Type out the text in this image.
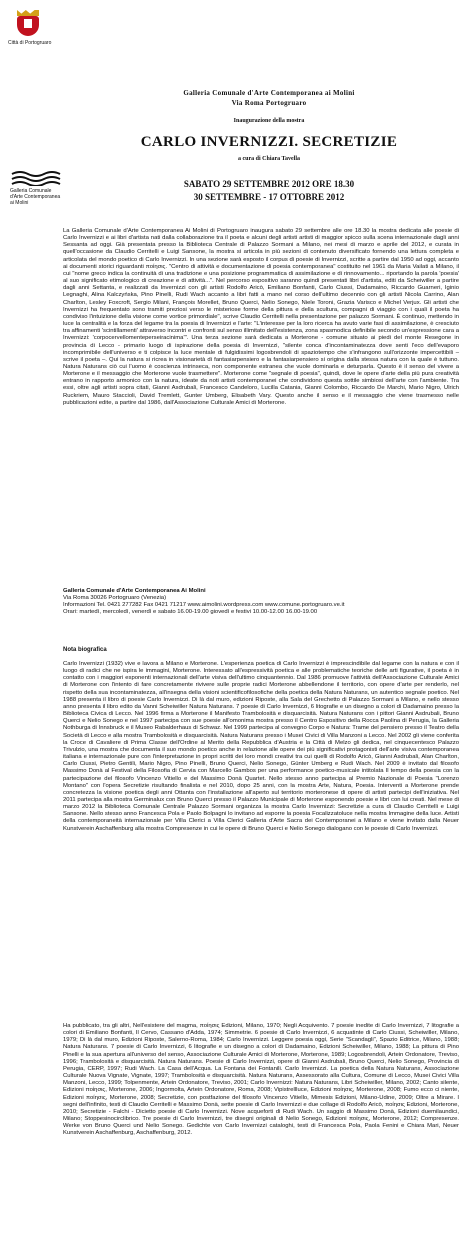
Città di Portogruaro
Galleria Comunale
d'Arte Contemporanea
ai Molini
Galleria Comunale d'Arte Contemporanea ai Molini
Via Roma Portogruaro
Inaugurazione della mostra
CARLO INVERNIZZI. SECRETIZIE
a cura di Chiara Tavella
SABATO 29 SETTEMBRE 2012 ORE 18.30
30 SETTEMBRE - 17 OTTOBRE 2012

La Galleria Comunale d'Arte Contemporanea Ai Molini di Portogruaro inaugura sabato 29 settembre alle ore 18.30 la mostra dedicata alle poesie di Carlo Invernizzi e ai libri d'artista nati dalla collaborazione tra il poeta e alcuni degli artisti artisti di maggior spicco sulla scena internazionale dagli anni Sessanta ad oggi. Già presentata presso la Biblioteca Centrale di Palazzo Sormani a Milano, nei mesi di marzo e aprile del 2012, e curata in quell'occasione da Claudio Cerritelli e Luigi Sansone, la mostra si articola in più sezioni di contenuto diversificato fornendo una lettura completa e articolata del mondo poetico di Carlo Invernizzi. In una sezione sarà esposto il corpus di poesie di Invernizzi, scritte a partire dal 1950 ad oggi, accanto ai documenti storici riguardanti ποίησις. "Centro di attività e documentazione di poesia contemporanea" costituito nel 1961 da Maria Vailati a Milano, il cui "nome greco indica la continuità di una tradizione e una posizione programmatica di assimilazione e di rinnovamento... riportando la parola 'poesia' al suo significato etimologico di creazione e di attività...". Nel percorso espositivo saranno quindi presentati libri d'artista, editi da Scheiwiller a partire dagli anni Settanta, e realizzati da Invernizzi con gli artisti Rodolfo Aricò, Emiliano Bonfanti, Carlo Ciussi, Dadamaino, Riccardo Guarneri, Iginio Legnaghi, Alina Kalczyńska, Pino Pinelli, Rudi Wach accanto a libri fatti a mano nel corso dell'ultimo decennio con gli artisti Nicola Carrino, Alan Charlton, Lesley Foxcroft, Sergio Milani, François Morellet, Bruno Querci, Nelio Sonego, Niele Toroni, Grazia Varisco e Michel Verjux. Gli artisti che Invernizzi ha frequentato sono tramiti preziosi verso le misteriose forme della pittura e della scultura, compagni di viaggio con i quali il poeta ha condiviso l'intuizione della visione come vortice primordiale", scrive Claudio Cerritelli nella presentazione per palazzo Sormani. È continuo, mettendo in luce la centralità e la forza del legame tra la poesia di Invernizzi e l'arte: "L'interesse per la loro ricerca ha avuto varie fasi di assimilazione, è cresciuto tra affinamenti 'scintillamenti' attraverso incontri e confronti sul senso illimitato dell'esistenza, zona spasmodica definibile secondo un'espressione cara a Invernizzi: 'corpocervellomenteperseiracinima'". Una terza sezione sarà dedicata a Morterone - comune situato ai piedi del monte Resegone in provincia di Lecco - primario luogo di ispirazione della poesia di Invernizzi, "silente conca d'incontaminatezza dove senti l'eco dell'evaporo incomprimibile dell'universo e ti colpisce la luce mentale di fulgidissimi logosbrendoli di spaziotempo che s'infrangono sull'orizzonte impercettibili – scrive il poeta –. Qui la natura si ricrea in visionarietà di fantasiarpensiero e la fantasiarpensiero si origina dalla stessa natura con la quale è tuttuno. Natura Naturans ciò cui l'uomo è coscienza intrinseca, non componente estranea che vuole dominarla e deturparla. Questo è il senso del vivere a Morterone e il messaggio che Morterone vuole trasmettere". Morterone come "segnale di poesia", quindi, dove le opere d'arte della più pura creatività entrano in rapporto armonico con la natura, ideate da noti artisti contemporanei che condividono questa sottile simbiosi dell'arte con l'ambiente. Tra essi, oltre agli artisti sopra citati, Gianni Asdrubali, Francesco Candeloro, Lucilla Catania, Gianni Colombo, Riccardo De Marchi, Mario Nigro, Ulrich Ruckriem, Mauro Staccioli, David Tremlett, Gunter Umberg, Elisabeth Vary. Questo anche il senso e il messaggio che viene trasmesso nelle pubblicazioni edite, a partire dal 1986, dall'Associazione Culturale Amici di Morterone.

Galleria Comunale d'Arte Contemporanea Ai Molini

Via Roma 30026 Portogruaro (Venezia)

Informazioni Tel. 0421 277282 Fax 0421 71217 www.aimolini.wordpress.com www.comune.portogruaro.ve.it

Orari: martedì, mercoledì, venerdì e sabato 16.00-19.00 giovedì e festivi 10.00-12.00 16.00-19.00

Nota biografica

Carlo Invernizzi (1932) vive e lavora a Milano e Morterone. L'esperienza poetica di Carlo Invernizzi è imprescindibile dal legame con la natura e con il luogo di radici che ne ispira le immagini, Morterone. Interessato all'espressività poetica e alle problematiche teoriche delle arti figurative, il poeta è in contatto con i maggiori esponenti internazionali dell'arte visiva dell'ultimo cinquantennio. Dal 1986 promuove l'attività dell'Associazione Culturale Amici di Morterone con l'intento di fare concretamente rivivere sulle proprie radici Morterone abbellendone il territorio, con opere d'arte per renderlo, nel rispetto della sua incontaminatezza, all'insegna della visioni scientificofilosofiche della poetica della Natura Naturans, un autentico segnale poetico. Nel 1988 presenta il libro di poesie Carlo Invernizzi. Di là dal muro, edizioni Riposte, alla Sala del Grechetto di Palazzo Sormani a Milano, e nello stesso anno presenta il libro edito da Vanni Scheiwiller Natura Naturans. 7 poesie di Carlo Invernizzi, 6 litografie e un disegno a colori di Dadamaino presso la Biblioteca Civica di Lecco. Nel 1996 firma a Morterone il Manifesto Trambolosità e disquarcisità. Natura Naturans con i pittori Gianni Asdrubali, Bruno Querci e Nelio Sonego e nel 1997 partecipa con sue poesie all'omonima mostra presso il Centro Espositivo della Rocca Paolina di Perugia, la Galleria Nothburga di Innsbruck e il Museo Rabalderhaus di Schwaz. Nel 1999 partecipa al convegno Corpo e Natura: Trame del pensiero presso il Teatro della Società di Lecco e alla mostra Trambolosità e disquarcisità. Natura Naturans presso i Musei Civici di Villa Manzoni a Lecco. Nel 2002 gli viene conferita la Croce di Cavaliere di Prima Classe dell'Ordine al Merito della Repubblica d'Austria e la Città di Melzo gli dedica, nel cinquecentesco Palazzo Trivulzio, una mostra che documenta il suo mondo poetico anche in relazione alle opere dei più significativi protagonisti dell'arte visiva contemporanea italiana e internazionale pure con l'interpretazione in propri scritti dei loro mondi creativi tra cui quelli di Rodolfo Aricò, Gianni Asdrubali, Alan Charlton, Carlo Ciussi, Pietro Gentili, Mario Nigro, Pino Pinelli, Bruno Querci, Nelio Sonego, Günter Umberg e Rudi Wach. Nel 2009 è invitato dal filosofo Massimo Donà al Festival della Filosofia di Cervia con Marcello Gambos per una performance poetico-musicale intitolata Il tempo della poesia con la partecipazione del filosofo Vincenzo Vitiello e del Massimo Donà Quartet. Nello stesso anno partecipa al Premio Nazionale di Poesia "Lorenzo Montano" con l'opera Secretizie risultando finalista e nel 2010, dopo 25 anni, con la mostra Arte, Natura, Poesia. Interventi a Morterone prende concretezza la visione poetica degli anni Ottanta con l'installazione all'aperto sul territorio morteronese di opere di artisti partecipi dell'iniziativa. Nel 2011 partecipa alla mostra Germinalux con Bruno Querci presso il Palazzo Municipale di Morterone esponendo poesie e libri con lui creati. Nel mese di marzo 2012 la Biblioteca Comunale Centrale Palazzo Sormani organizza la mostra Carlo Invernizzi: Secretizie a cura di Claudio Cerritelli e Luigi Sansone. Nello stesso anno Francesca Pola e Paolo Bolpagni lo invitano ad esporre la poesia Focalizzatoluce nella mostra Immagine della luce. Artisti della contemporaneità internazionale per Villa Clerici a Villa Clerici Galleria d'Arte Sacra dei Contemporanei a Milano e viene invitato dalla Neuer Kunstverein Aschaffenburg alla mostra Compresenze in cui le opere di Bruno Querci e Nelio Sonego dialogano con le poesie di Carlo Invernizzi.

Ha pubblicato, tra gli altri, Nell'esistere del magma, ποίησις Edizioni, Milano, 1970; Negli Acquivento. 7 poesie inedite di Carlo Invernizzi, 7 litografie a colori di Emiliano Bonfanti, Il Cervo, Cassano d'Adda, 1974; Simmetrie. 6 poesie di Carlo Invernizzi, 6 acquatinte di Carlo Ciussi, Scheiwiller, Milano, 1979; Di là dal muro, Edizioni Riposte, Salerno-Roma, 1984; Carlo Invernizzi. Leggere poesia oggi, Serie "Scandagli", Spazio Editrice, Milano, 1988; Natura Naturans. 7 poesie di Carlo Invernizzi, 6 litografie e un disegno a colori di Dadamaino, Edizioni Scheiwiller, Milano, 1988; La pittura di Pino Pinelli e la sua apertura all'universo del senso, Associazione Culturale Amici di Morterone, Morterone, 1989; Logosbrendoli, Artein Ordonatore, Treviso, 1996; Trambolosità e disquarcisità. Natura Naturans. Poesie di Carlo Invernizzi, opere di Gianni Asdrubali, Bruno Querci, Nelio Sonego, Provincia di Perugia, CERP, 1997; Rudi Wach. La Casa dell'Acqua. La Fontana dei Fontanili. Carlo Invernizzi. La poetica della Natura Naturans, Associazione Culturale Nuova Vignate, Vignate, 1997; Trambolosità e disquarcisità. Natura Naturans, Assessorato alla Cultura, Comune di Lecco, Musei Civici Villa Manzoni, Lecco, 1999; Tolpenmente, Artein Ordonatore, Treviso, 2001; Carlo Invernizzi: Natura Naturans, Libri Scheiwiller, Milano, 2002; Canto silente, Edizioni ποίησις, Morterone, 2006; Ingormolta, Artein Ordonatore, Roma, 2008; Vipistrellluce, Edizioni ποίησις, Morterone, 2008; Fumo ecco ci niente, Edizioni ποίησις, Morterone, 2008; Secretizie, con postfazione del filosofo Vincenzo Vitiello, Mimesis Edizioni, Milano-Udine, 2009; Oltre a Mirare. I segni dell'infinito, testi di Claudio Cerritelli e Massimo Donà, sette poesie di Carlo Invernizzi e due collage di Rodolfo Aricò, ποίησις Edizioni, Morterone, 2010; Secretizie - Falchi - Dicietto poesie di Carlo Invernizzi. Nove acqueforti di Rudi Wach. Un saggio di Massimo Donà, Edizioni duemilaundici, Milano; Stoppesinocirclibrico. Tre poesie di Carlo Invernizzi, tre disegni originali di Nelio Sonego, Edizioni ποίησις, Morterone, 2012; Compresenze. Werke von Bruno Querci und Nelio Sonego. Gedichte von Carlo Invernizzi cataloghi, testi di Francesca Pola, Paola Fenini e Chiara Mari, Neuer Kunstverein Aschaffenburg, Aschaffenburg, 2012.
